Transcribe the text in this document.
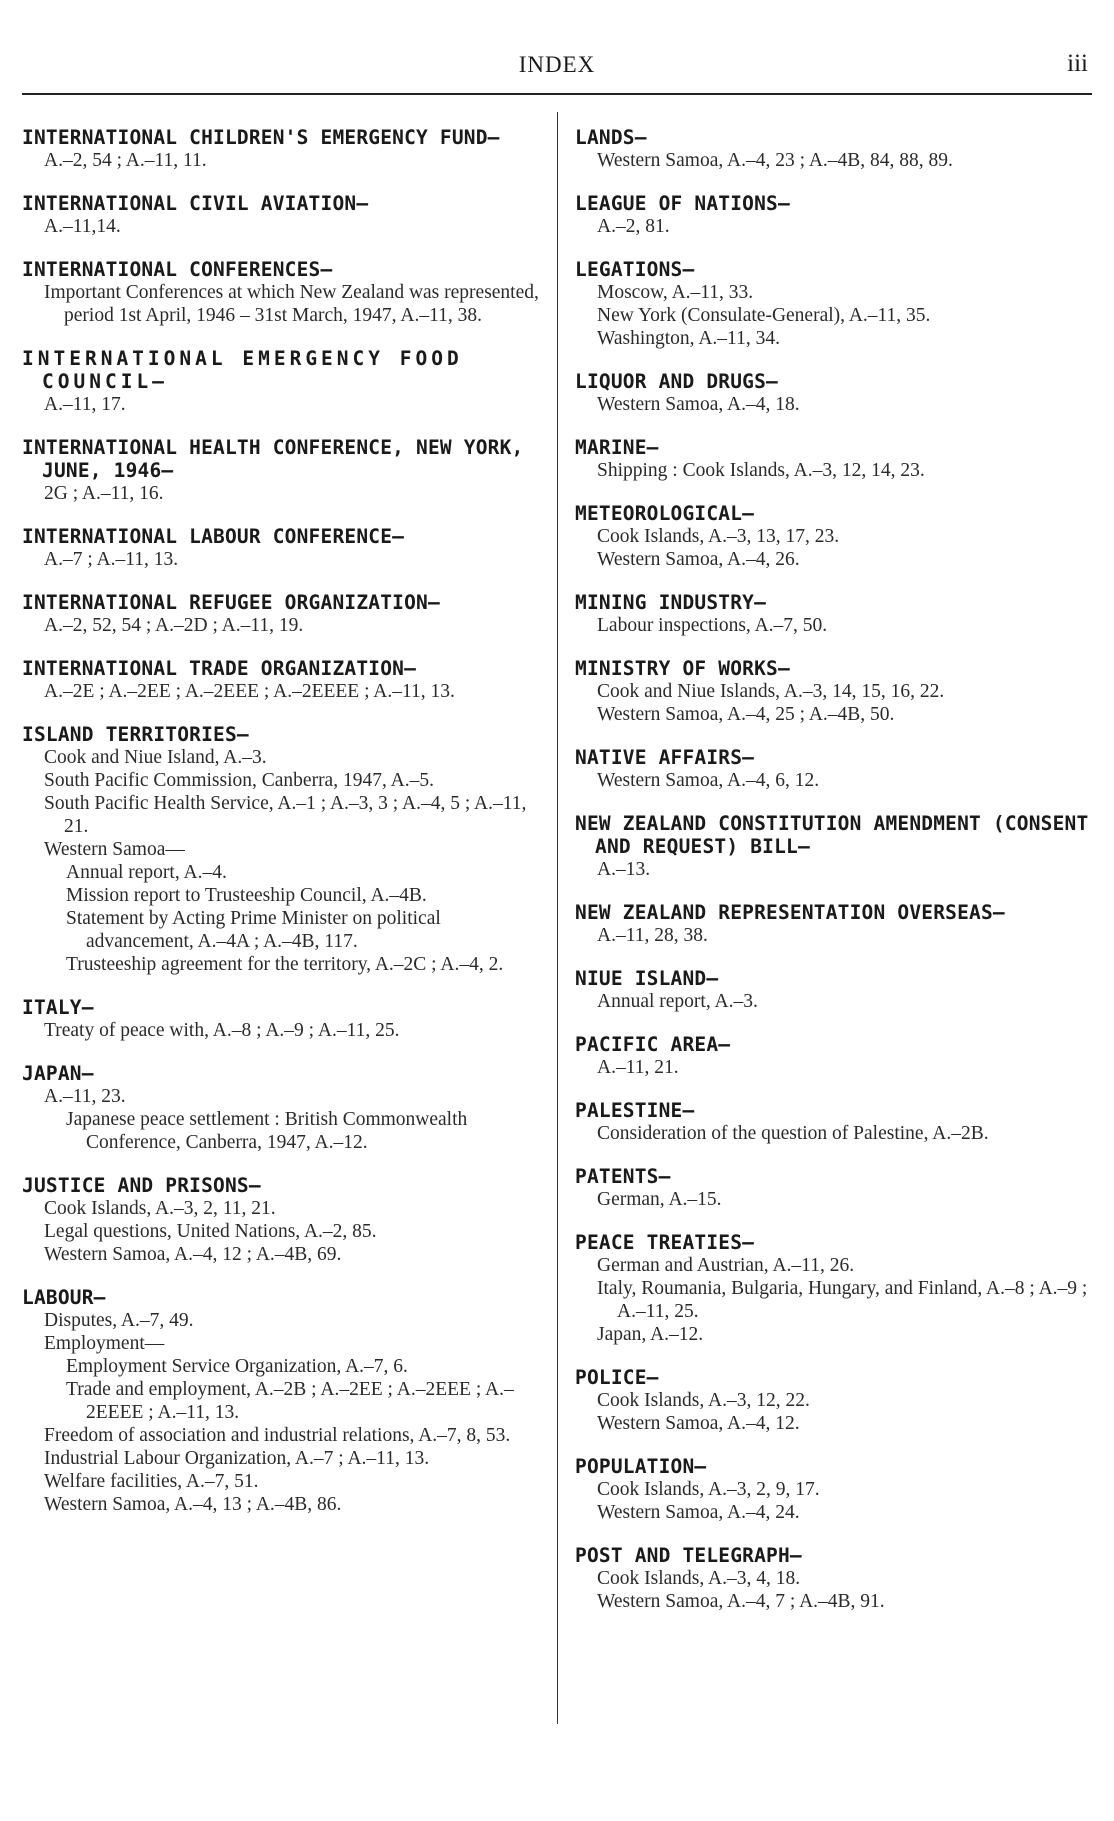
INDEX	iii
INTERNATIONAL CHILDREN'S EMERGENCY FUND—
A.–2, 54 ; A.–11, 11.
INTERNATIONAL CIVIL AVIATION—
A.–11,14.
INTERNATIONAL CONFERENCES—
Important Conferences at which New Zealand was represented, period 1st April, 1946 – 31st March, 1947, A.–11, 38.
INTERNATIONAL EMERGENCY FOOD COUNCIL—
A.–11, 17.
INTERNATIONAL HEALTH CONFERENCE, NEW YORK, JUNE, 1946—
2G ; A.–11, 16.
INTERNATIONAL LABOUR CONFERENCE—
A.–7 ; A.–11, 13.
INTERNATIONAL REFUGEE ORGANIZATION—
A.–2, 52, 54 ; A.–2D ; A.–11, 19.
INTERNATIONAL TRADE ORGANIZATION—
A.–2E ; A.–2EE ; A.–2EEE ; A.–2EEEE ; A.–11, 13.
ISLAND TERRITORIES—
Cook and Niue Island, A.–3.
South Pacific Commission, Canberra, 1947, A.–5.
South Pacific Health Service, A.–1 ; A.–3, 3 ; A.–4, 5 ; A.–11, 21.
Western Samoa—
Annual report, A.–4.
Mission report to Trusteeship Council, A.–4B.
Statement by Acting Prime Minister on political advancement, A.–4A ; A.–4B, 117.
Trusteeship agreement for the territory, A.–2C ; A.–4, 2.
ITALY—
Treaty of peace with, A.–8 ; A.–9 ; A.–11, 25.
JAPAN—
A.–11, 23.
Japanese peace settlement : British Commonwealth Conference, Canberra, 1947, A.–12.
JUSTICE AND PRISONS—
Cook Islands, A.–3, 2, 11, 21.
Legal questions, United Nations, A.–2, 85.
Western Samoa, A.–4, 12 ; A.–4B, 69.
LABOUR—
Disputes, A.–7, 49.
Employment—
Employment Service Organization, A.–7, 6.
Trade and employment, A.–2B ; A.–2EE ; A.–2EEE ; A.–2EEEE ; A.–11, 13.
Freedom of association and industrial relations, A.–7, 8, 53.
Industrial Labour Organization, A.–7 ; A.–11, 13.
Welfare facilities, A.–7, 51.
Western Samoa, A.–4, 13 ; A.–4B, 86.
LANDS—
Western Samoa, A.–4, 23 ; A.–4B, 84, 88, 89.
LEAGUE OF NATIONS—
A.–2, 81.
LEGATIONS—
Moscow, A.–11, 33.
New York (Consulate-General), A.–11, 35.
Washington, A.–11, 34.
LIQUOR AND DRUGS—
Western Samoa, A.–4, 18.
MARINE—
Shipping : Cook Islands, A.–3, 12, 14, 23.
METEOROLOGICAL—
Cook Islands, A.–3, 13, 17, 23.
Western Samoa, A.–4, 26.
MINING INDUSTRY—
Labour inspections, A.–7, 50.
MINISTRY OF WORKS—
Cook and Niue Islands, A.–3, 14, 15, 16, 22.
Western Samoa, A.–4, 25 ; A.–4B, 50.
NATIVE AFFAIRS—
Western Samoa, A.–4, 6, 12.
NEW ZEALAND CONSTITUTION AMENDMENT (CONSENT AND REQUEST) BILL—
A.–13.
NEW ZEALAND REPRESENTATION OVERSEAS—
A.–11, 28, 38.
NIUE ISLAND—
Annual report, A.–3.
PACIFIC AREA—
A.–11, 21.
PALESTINE—
Consideration of the question of Palestine, A.–2B.
PATENTS—
German, A.–15.
PEACE TREATIES—
German and Austrian, A.–11, 26.
Italy, Roumania, Bulgaria, Hungary, and Finland, A.–8 ; A.–9 ; A.–11, 25.
Japan, A.–12.
POLICE—
Cook Islands, A.–3, 12, 22.
Western Samoa, A.–4, 12.
POPULATION—
Cook Islands, A.–3, 2, 9, 17.
Western Samoa, A.–4, 24.
POST AND TELEGRAPH—
Cook Islands, A.–3, 4, 18.
Western Samoa, A.–4, 7 ; A.–4B, 91.
